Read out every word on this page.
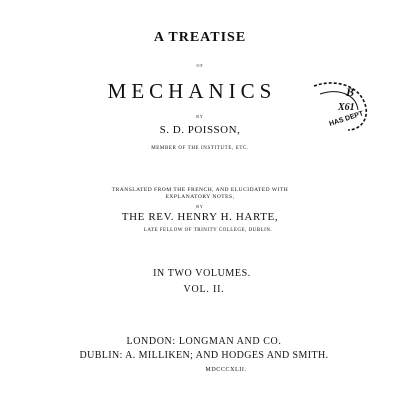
A TREATISE
OF
MECHANICS
BY
S. D. POISSON,
MEMBER OF THE INSTITUTE, ETC.
TRANSLATED FROM THE FRENCH, AND ELUCIDATED WITH
EXPLANATORY NOTES,
BY
THE REV. HENRY H. HARTE,
LATE FELLOW OF TRINITY COLLEGE, DUBLIN.
IN TWO VOLUMES.
VOL. II.
LONDON: LONGMAN AND CO.
DUBLIN: A. MILLIKEN; AND HODGES AND SMITH.
MDCCCXLII.
B
X61
HAS DEPT
